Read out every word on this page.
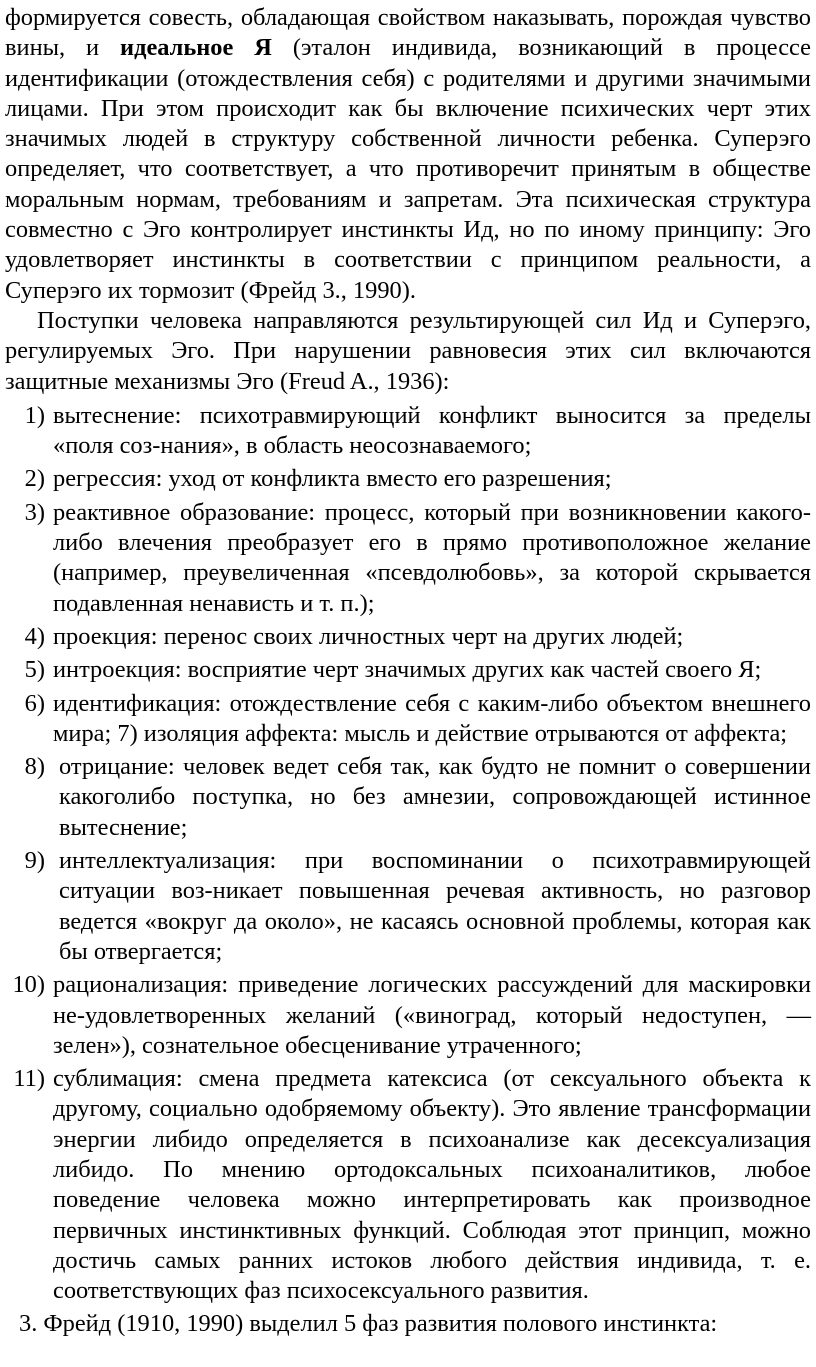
формируется совесть, обладающая свойством наказывать, порождая чувство вины, и идеальное Я (эталон индивида, возникающий в процессе идентификации (отождествления себя) с родителями и другими значимыми лицами. При этом происходит как бы включение психических черт этих значимых людей в структуру собственной личности ребенка. Суперэго определяет, что соответствует, а что противоречит принятым в обществе моральным нормам, требованиям и запретам. Эта психическая структура совместно с Эго контролирует инстинкты Ид, но по иному принципу: Эго удовлетворяет инстинкты в соответствии с принципом реальности, а Суперэго их тормозит (Фрейд 3., 1990).

Поступки человека направляются результирующей сил Ид и Суперэго, регулируемых Эго. При нарушении равновесия этих сил включаются защитные механизмы Эго (Freud A., 1936):

1) вытеснение: психотравмирующий конфликт выносится за пределы «поля соз-нания», в область неосознаваемого;
2) регрессия: уход от конфликта вместо его разрешения;
3) реактивное образование: процесс, который при возникновении какого-либо влечения преобразует его в прямо противоположное желание (например, преувеличенная «псевдолюбовь», за которой скрывается подавленная ненависть и т. п.);
4) проекция: перенос своих личностных черт на других людей;
5) интроекция: восприятие черт значимых других как частей своего Я;
6) идентификация: отождествление себя с каким-либо объектом внешнего мира; 7) изоляция аффекта: мысль и действие отрываются от аффекта;
8) отрицание: человек ведет себя так, как будто не помнит о совершении какоголибо поступка, но без амнезии, сопровождающей истинное вытеснение;
9) интеллектуализация: при воспоминании о психотравмирующей ситуации воз-никает повышенная речевая активность, но разговор ведется «вокруг да около», не касаясь основной проблемы, которая как бы отвергается;
10) рационализация: приведение логических рассуждений для маскировки не-удовлетворенных желаний («виноград, который недоступен, — зелен»), сознательное обесценивание утраченного;
11) сублимация: смена предмета катексиса (от сексуального объекта к другому, социально одобряемому объекту). Это явление трансформации энергии либидо определяется в психоанализе как десексуализация либидо. По мнению ортодоксальных психоаналитиков, любое поведение человека можно интерпретировать как производное первичных инстинктивных функций. Соблюдая этот принцип, можно достичь самых ранних истоков любого действия индивида, т. е. соответствующих фаз психосексуального развития.

3. Фрейд (1910, 1990) выделил 5 фаз развития полового инстинкта:
